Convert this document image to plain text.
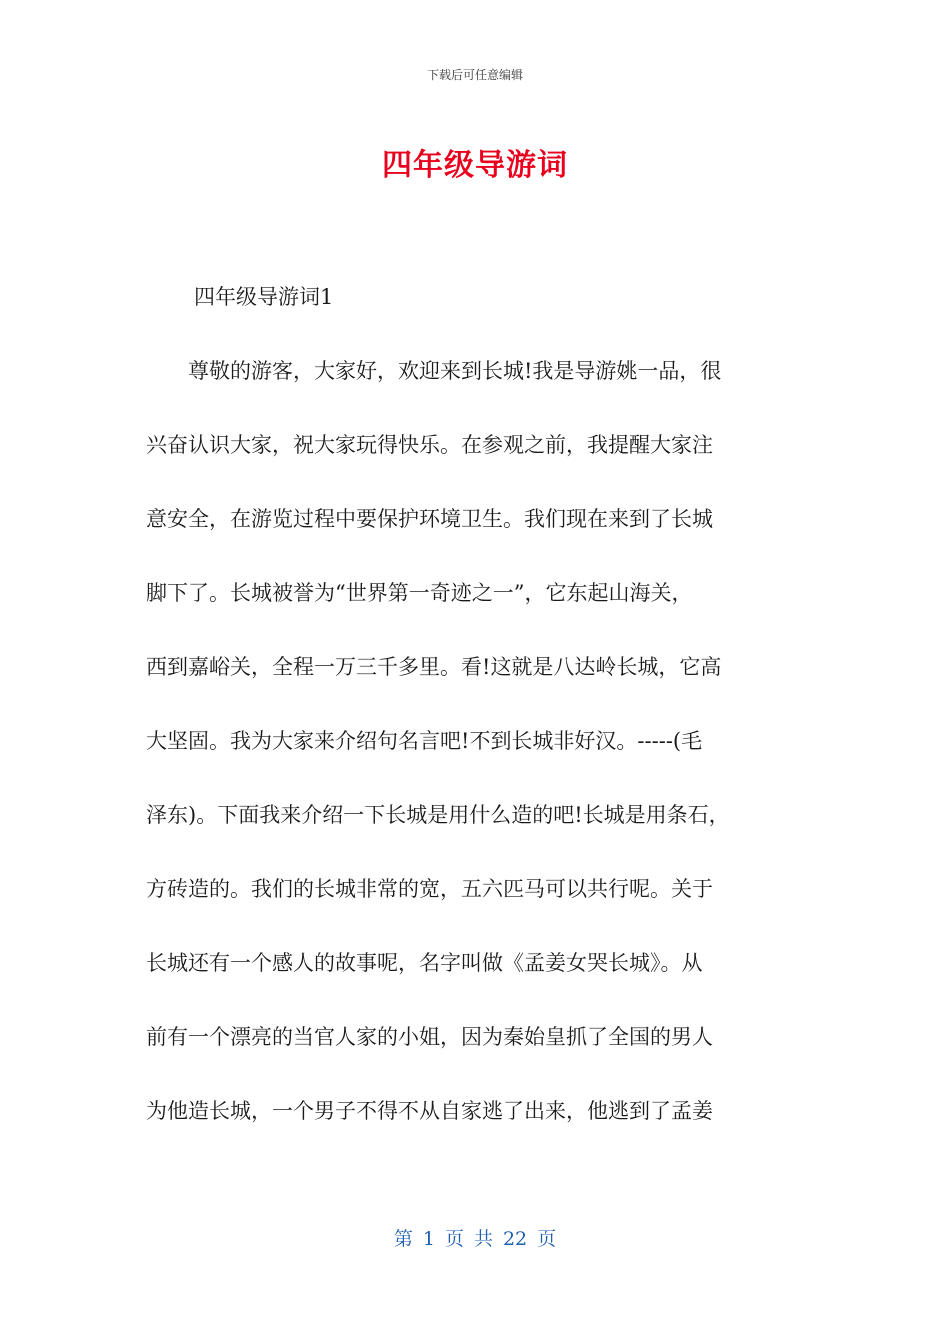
下载后可任意编辑
四年级导游词
四年级导游词1
　　尊敬的游客，大家好，欢迎来到长城!我是导游姚一品，很
兴奋认识大家，祝大家玩得快乐。在参观之前，我提醒大家注
意安全，在游览过程中要保护环境卫生。我们现在来到了长城
脚下了。长城被誉为“世界第一奇迹之一”，它东起山海关，
西到嘉峪关，全程一万三千多里。看!这就是八达岭长城，它高
大坚固。我为大家来介绍句名言吧!不到长城非好汉。-----(毛
泽东)。下面我来介绍一下长城是用什么造的吧!长城是用条石，
方砖造的。我们的长城非常的宽，五六匹马可以共行呢。关于
长城还有一个感人的故事呢，名字叫做《孟姜女哭长城》。从
前有一个漂亮的当官人家的小姐，因为秦始皇抓了全国的男人
为他造长城，一个男子不得不从自家逃了出来，他逃到了孟姜
第 1 页 共 22 页
